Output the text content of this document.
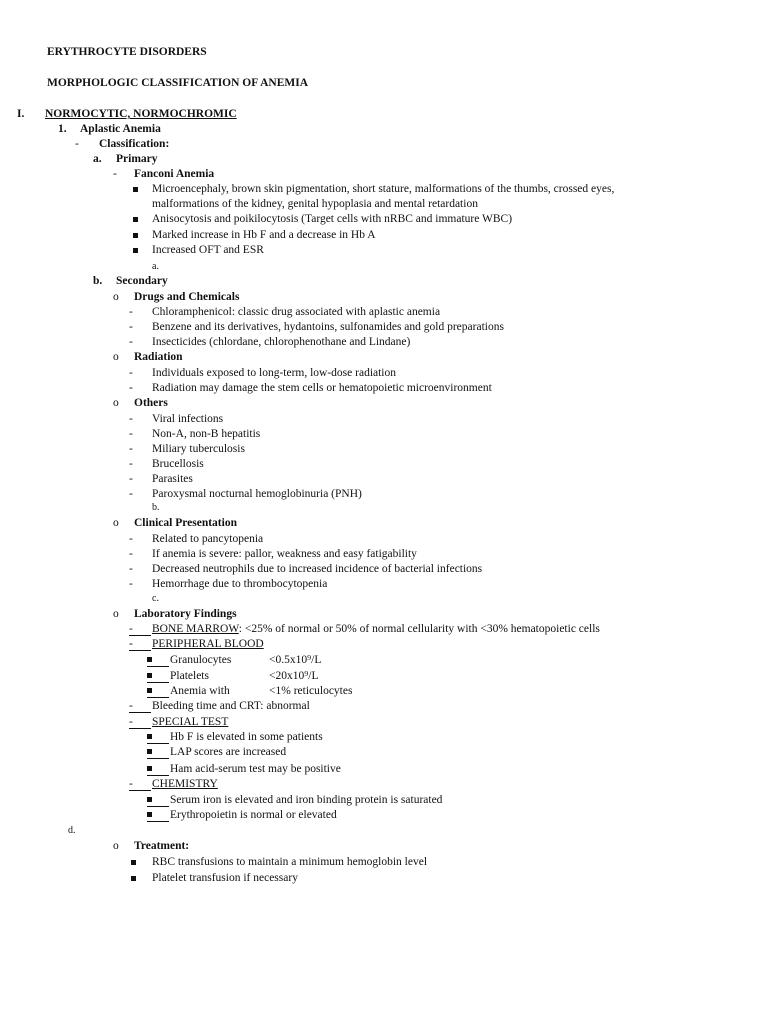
ERYTHROCYTE DISORDERS
MORPHOLOGIC CLASSIFICATION OF ANEMIA
I. NORMOCYTIC, NORMOCHROMIC
1. Aplastic Anemia
- Classification:
a. Primary
- Fanconi Anemia
Microencephaly, brown skin pigmentation, short stature, malformations of the thumbs, crossed eyes,
malformations of the kidney, genital hypoplasia and mental retardation
Anisocytosis and poikilocytosis (Target cells with nRBC and immature WBC)
Marked increase in Hb F and a decrease in Hb A
Increased OFT and ESR
a.
b. Secondary
o Drugs and Chemicals
- Chloramphenicol: classic drug associated with aplastic anemia
- Benzene and its derivatives, hydantoins, sulfonamides and gold preparations
- Insecticides (chlordane, chlorophenothane and Lindane)
o Radiation
- Individuals exposed to long-term, low-dose radiation
- Radiation may damage the stem cells or hematopoietic microenvironment
o Others
- Viral infections
- Non-A, non-B hepatitis
- Miliary tuberculosis
- Brucellosis
- Parasites
- Paroxysmal nocturnal hemoglobinuria (PNH)
b.
o Clinical Presentation
- Related to pancytopenia
- If anemia is severe: pallor, weakness and easy fatigability
- Decreased neutrophils due to increased incidence of bacterial infections
- Hemorrhage due to thrombocytopenia
c.
o Laboratory Findings
- BONE MARROW: <25% of normal or 50% of normal cellularity with <30% hematopoietic cells
- PERIPHERAL BLOOD
Granulocytes	<0.5x10⁹/L
Platelets	<20x10⁹/L
Anemia with	<1% reticulocytes
- Bleeding time and CRT: abnormal
- SPECIAL TEST
Hb F is elevated in some patients
LAP scores are increased
Ham acid-serum test may be positive
- CHEMISTRY
Serum iron is elevated and iron binding protein is saturated
Erythropoietin is normal or elevated
d.
o Treatment:
RBC transfusions to maintain a minimum hemoglobin level
Platelet transfusion if necessary
